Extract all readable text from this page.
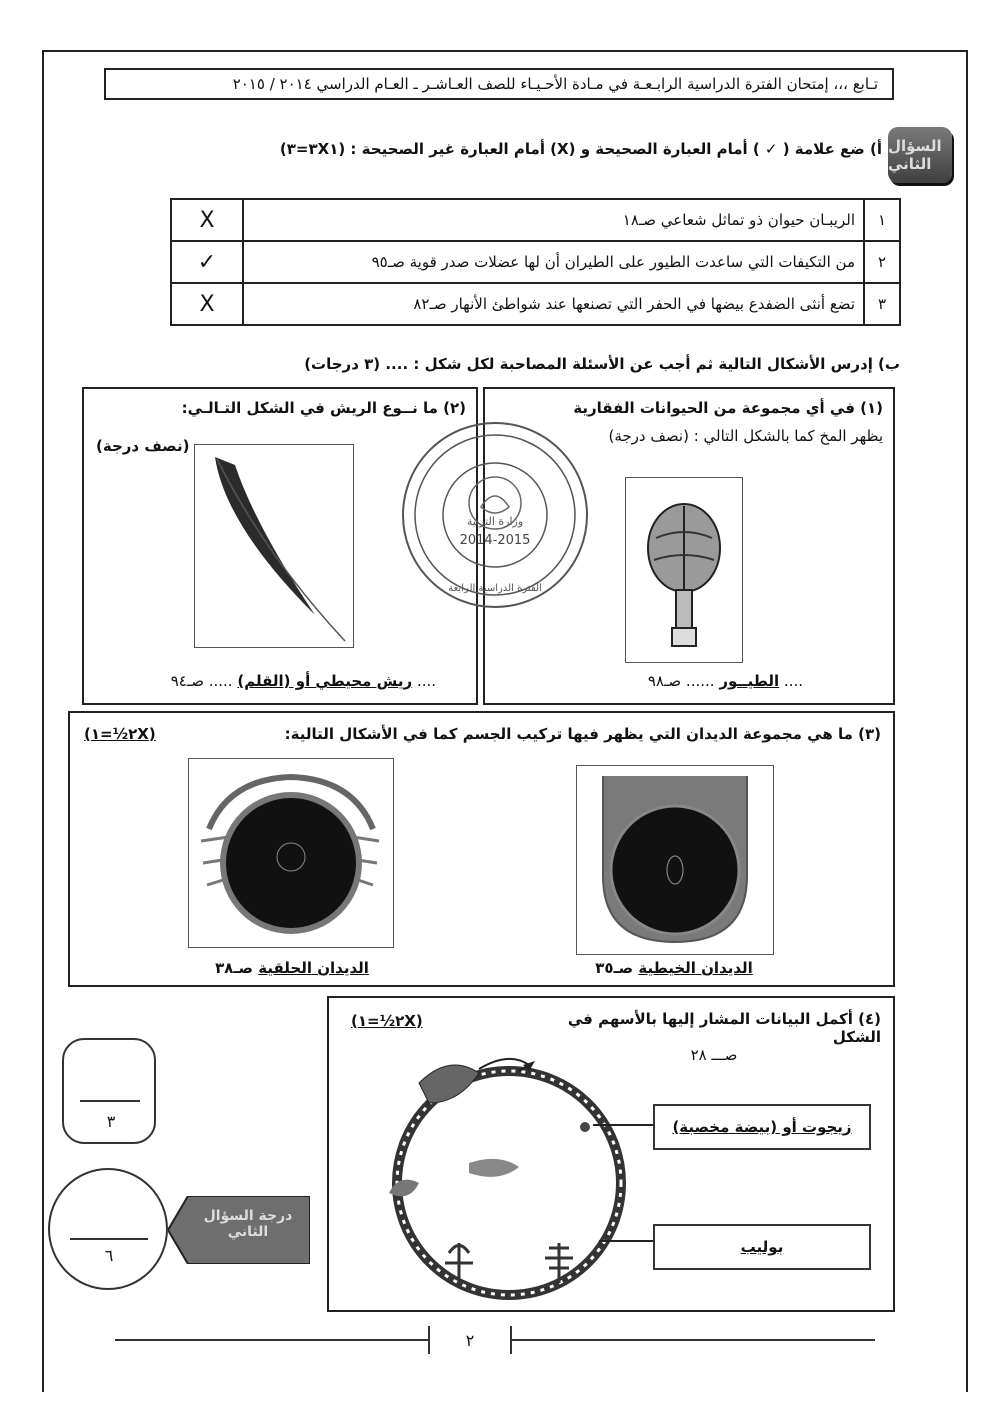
تـابع ،،، إمتحان الفترة الدراسية الرابـعـة في مـادة الأحـيـاء للصف العـاشـر ـ العـام الدراسي ٢٠١٤ / ٢٠١٥
السؤال الثاني
أ) ضع علامة ( ✓ ) أمام العبارة الصحيحة و (X) أمام العبارة غير الصحيحة : (٣X١=٣)
X	الريبـان حيوان ذو تماثل شعاعي صـ١٨	١
✓	من التكيفات التي ساعدت الطيور على الطيران أن لها عضلات صدر قوية صـ٩٥	٢
X	تضع أنثى الضفدع بيضها في الحفر التي تصنعها عند شواطئ الأنهار صـ٨٢	٣
ب) إدرس الأشكال التالية ثم أجب عن الأسئلة المصاحبة لكل شكل : .... (٣ درجات)
(١) في أي مجموعة من الحيوانات الفقارية
يظهر المخ كما بالشكل التالي : (نصف درجة)
.... الطيــور ...... صـ٩٨
(٢) ما نــوع الريش في الشكل التـالـي:
(نصف درجة)
.... ريش محيطي أو (القلم) ..... صـ٩٤
2014-2015
وزارة التربية
الفترة الدراسية الرابعة
(٣) ما هي مجموعة الديدان التي يظهر فيها تركيب الجسم كما في الأشكال التالية:
(٢X½=١)
الديدان الحلقية صـ٣٨	الديدان الخيطية صـ٣٥
(٤) أكمل البيانات المشار إليها بالأسهم في الشكل
(٢X½=١)
صـــ ٢٨
زيجوت أو (بيضة مخصبة)
بوليب
٣
٦
درجة السؤال الثاني
٢
